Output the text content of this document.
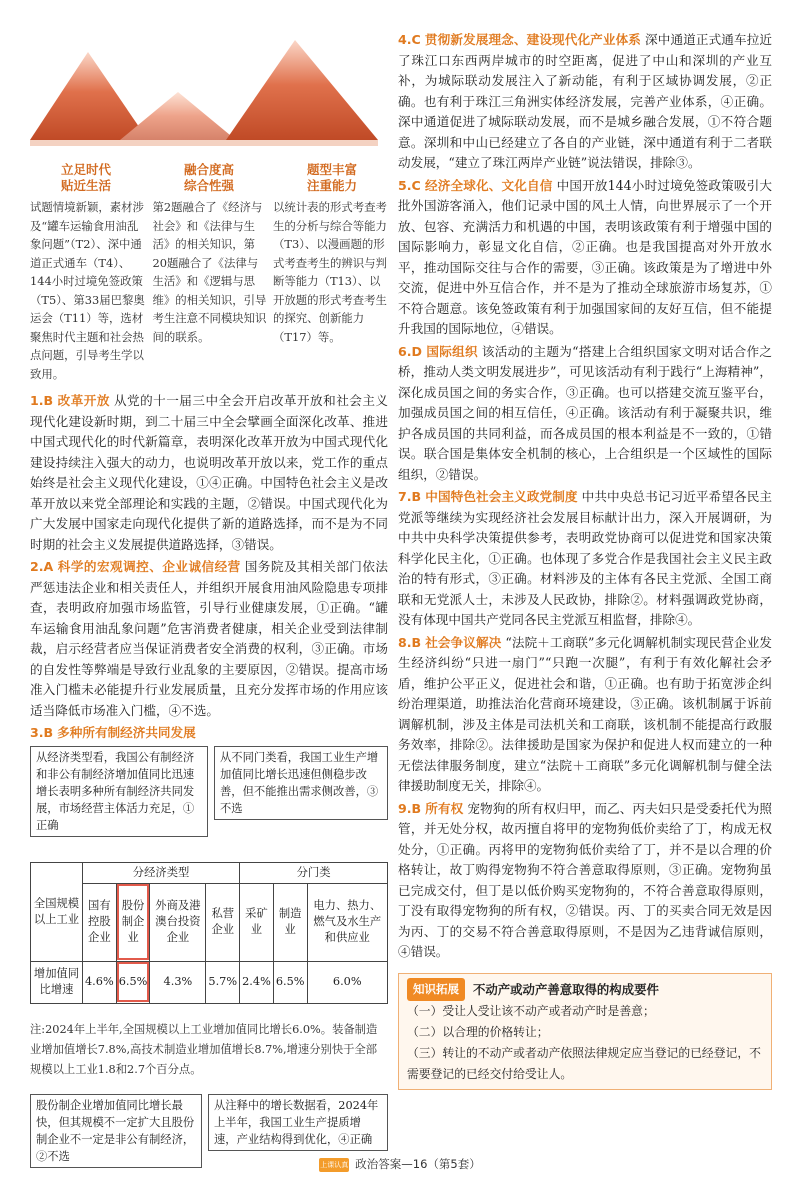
立足时代
贴近生活
融合度高
综合性强
题型丰富
注重能力
试题情境新颖，素材涉及“罐车运输食用油乱象问题”（T2）、深中通道正式通车（T4）、144小时过境免签政策（T5）、第33届巴黎奥运会（T11）等，选材聚焦时代主题和社会热点问题，引导考生学以致用。
第2题融合了《经济与社会》和《法律与生活》的相关知识，第20题融合了《法律与生活》和《逻辑与思维》的相关知识，引导考生注意不同模块知识间的联系。
以统计表的形式考查考生的分析与综合等能力（T3）、以漫画题的形式考查考生的辨识与判断等能力（T13）、以开放题的形式考查考生的探究、创新能力（T17）等。
1.B 改革开放 从党的十一届三中全会开启改革开放和社会主义现代化建设新时期，到二十届三中全会擘画全面深化改革、推进中国式现代化的时代新篇章，表明深化改革开放为中国式现代化建设持续注入强大的动力，也说明改革开放以来，党工作的重点始终是社会主义现代化建设，①④正确。中国特色社会主义是改革开放以来党全部理论和实践的主题，②错误。中国式现代化为广大发展中国家走向现代化提供了新的道路选择，而不是为不同时期的社会主义发展提供道路选择，③错误。
2.A 科学的宏观调控、企业诚信经营 国务院及其相关部门依法严惩违法企业和相关责任人，并组织开展食用油风险隐患专项排查，表明政府加强市场监管，引导行业健康发展，①正确。“罐车运输食用油乱象问题”危害消费者健康，相关企业受到法律制裁，启示经营者应当保证消费者安全消费的权利，③正确。市场的自发性等弊端是导致行业乱象的主要原因，②错误。提高市场准入门槛未必能提升行业发展质量，且充分发挥市场的作用应该适当降低市场准入门槛，④不选。
3.B 多种所有制经济共同发展
从经济类型看，我国公有制经济和非公有制经济增加值同比迅速增长表明多种所有制经济共同发展，市场经营主体活力充足，①正确
从不同门类看，我国工业生产增加值同比增长迅速但侧稳步改善，但不能推出需求侧改善，③不选
全国规模以上工业	分经济类型				分门类		
	国有控股企业	股份制企业	外商及港澳台投资企业	私营企业	采矿业	制造业	电力、热力、燃气及水生产和供应业
增加值同比增速	4.6%	6.5%	4.3%	5.7%	2.4%	6.5%	6.0%
注:2024年上半年,全国规模以上工业增加值同比增长6.0%。装备制造业增加值增长7.8%,高技术制造业增加值增长8.7%,增速分别快于全部规模以上工业1.8和2.7个百分点。
股份制企业增加值同比增长最快，但其规模不一定扩大且股份制企业不一定是非公有制经济，②不选
从注释中的增长数据看，2024年上半年，我国工业生产提质增速，产业结构得到优化，④正确
4.C 贯彻新发展理念、建设现代化产业体系 深中通道正式通车拉近了珠江口东西两岸城市的时空距离，促进了中山和深圳的产业互补，为城际联动发展注入了新动能，有利于区域协调发展，②正确。也有利于珠江三角洲实体经济发展，完善产业体系，④正确。深中通道促进了城际联动发展，而不是城乡融合发展，①不符合题意。深圳和中山已经建立了各自的产业链，深中通道有利于二者联动发展，“建立了珠江两岸产业链”说法错误，排除③。
5.C 经济全球化、文化自信 中国开放144小时过境免签政策吸引大批外国游客涌入，他们记录中国的风土人情，向世界展示了一个开放、包容、充满活力和机遇的中国，表明该政策有利于增强中国的国际影响力，彰显文化自信，②正确。也是我国提高对外开放水平，推动国际交往与合作的需要，③正确。该政策是为了增进中外交流，促进中外互信合作，并不是为了推动全球旅游市场复苏，①不符合题意。该免签政策有利于加强国家间的友好互信，但不能提升我国的国际地位，④错误。
6.D 国际组织 该活动的主题为“搭建上合组织国家文明对话合作之桥，推动人类文明发展进步”，可见该活动有利于践行“上海精神”，深化成员国之间的务实合作，③正确。也可以搭建交流互鉴平台，加强成员国之间的相互信任，④正确。该活动有利于凝聚共识，维护各成员国的共同利益，而各成员国的根本利益是不一致的，①错误。联合国是集体安全机制的核心，上合组织是一个区域性的国际组织，②错误。
7.B 中国特色社会主义政党制度 中共中央总书记习近平希望各民主党派等继续为实现经济社会发展目标献计出力，深入开展调研，为中共中央科学决策提供参考，表明政党协商可以促进党和国家决策科学化民主化，①正确。也体现了多党合作是我国社会主义民主政治的特有形式，③正确。材料涉及的主体有各民主党派、全国工商联和无党派人士，未涉及人民政协，排除②。材料强调政党协商，没有体现中国共产党同各民主党派互相监督，排除④。
8.B 社会争议解决 “法院＋工商联”多元化调解机制实现民营企业发生经济纠纷“只进一扇门”“只跑一次腿”，有利于有效化解社会矛盾，维护公平正义，促进社会和谐，①正确。也有助于拓宽涉企纠纷治理渠道，助推法治化营商环境建设，③正确。该机制属于诉前调解机制，涉及主体是司法机关和工商联，该机制不能提高行政服务效率，排除②。法律援助是国家为保护和促进人权而建立的一种无偿法律服务制度，建立“法院＋工商联”多元化调解机制与健全法律援助制度无关，排除④。
9.B 所有权 宠物狗的所有权归甲，而乙、丙夫妇只是受委托代为照管，并无处分权，故丙擅自将甲的宠物狗低价卖给了丁，构成无权处分，①正确。丙将甲的宠物狗低价卖给了丁，并不是以合理的价格转让，故丁购得宠物狗不符合善意取得原则，③正确。宠物狗虽已完成交付，但丁是以低价购买宠物狗的，不符合善意取得原则，丁没有取得宠物狗的所有权，②错误。丙、丁的买卖合同无效是因为丙、丁的交易不符合善意取得原则，不是因为乙违背诚信原则，④错误。
知识拓展	不动产或动产善意取得的构成要件
（一）受让人受让该不动产或者动产时是善意；
（二）以合理的价格转让；
（三）转让的不动产或者动产依照法律规定应当登记的已经登记，不需要登记的已经交付给受让人。
上课认真听政治答案—16（第5套）
